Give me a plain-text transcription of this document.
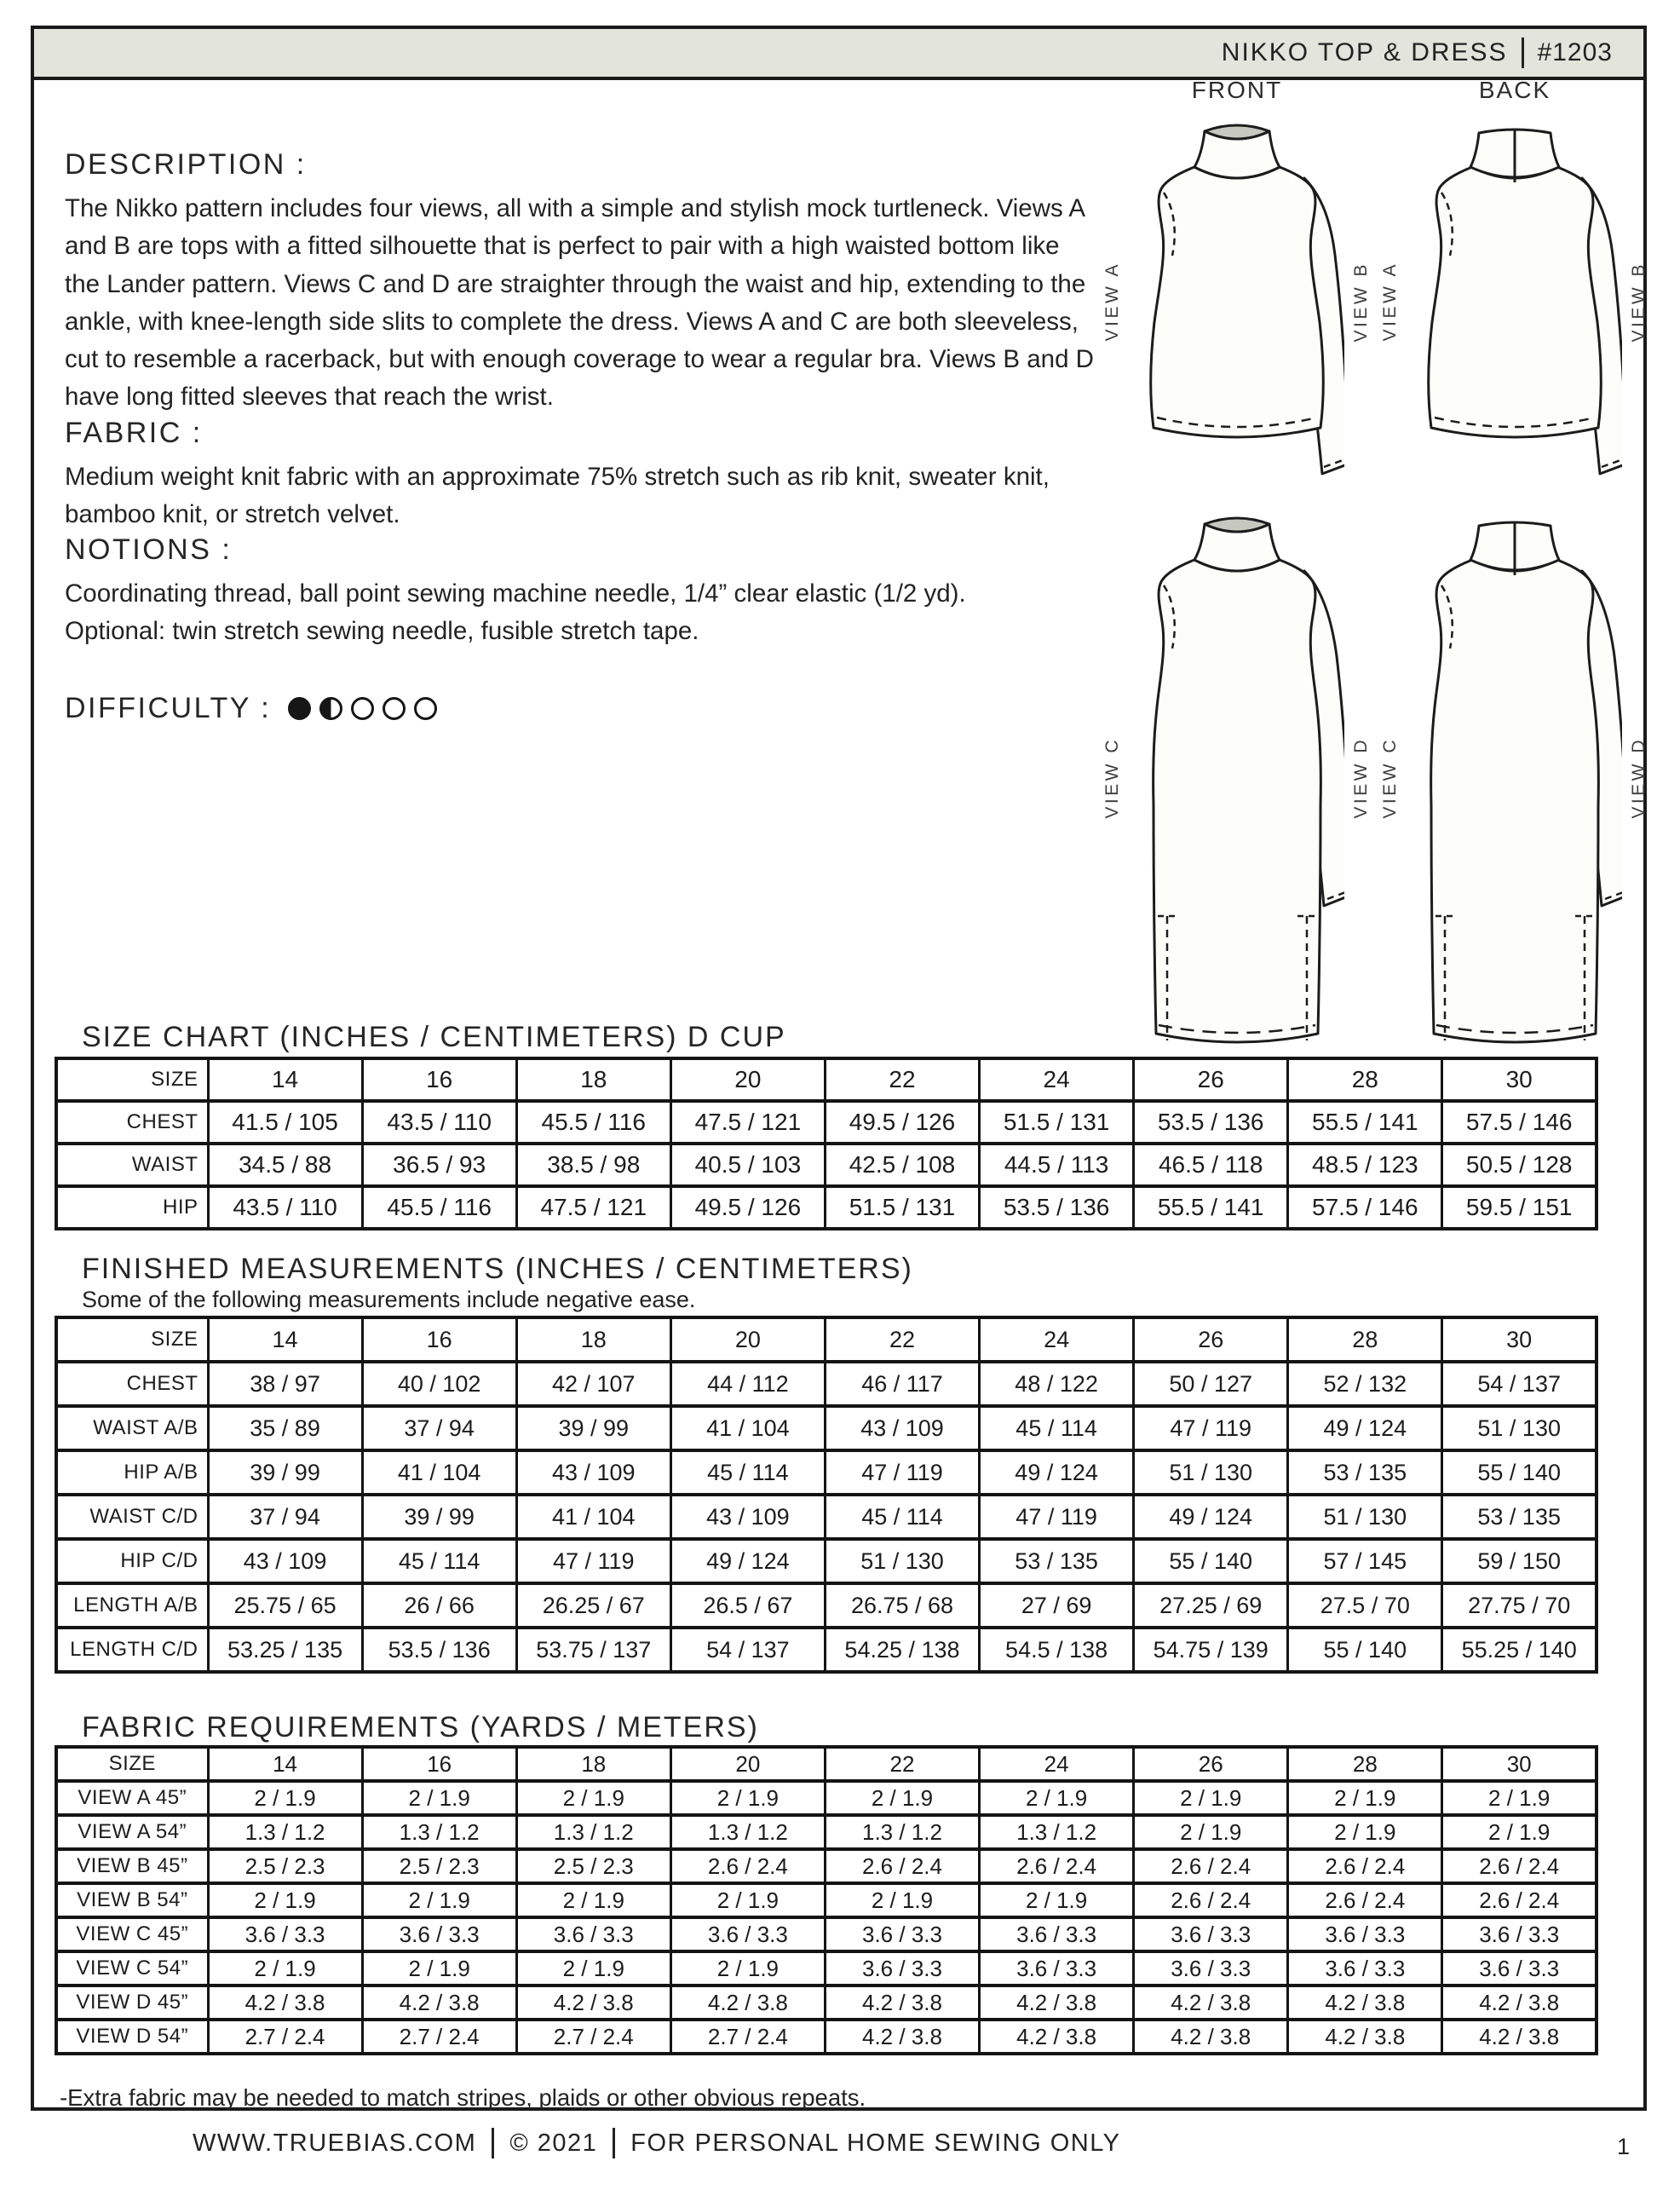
NIKKO TOP & DRESS #1203
DESCRIPTION :

The Nikko pattern includes four views, all with a simple and stylish mock turtleneck. Views A and B are tops with a fitted silhouette that is perfect to pair with a high waisted bottom like the Lander pattern. Views C and D are straighter through the waist and hip, extending to the ankle, with knee-length side slits to complete the dress. Views A and C are both sleeveless, cut to resemble a racerback, but with enough coverage to wear a regular bra. Views B and D have long fitted sleeves that reach the wrist.

FABRIC :

Medium weight knit fabric with an approximate 75% stretch such as rib knit, sweater knit, bamboo knit, or stretch velvet.

NOTIONS :

Coordinating thread, ball point sewing machine needle, 1/4” clear elastic (1/2 yd).

Optional: twin stretch sewing needle, fusible stretch tape.

DIFFICULTY :
FRONT	BACK
VIEW A	VIEW B VIEW A	VIEW B
VIEW C	VIEW D VIEW C	VIEW D
SIZE CHART (INCHES / CENTIMETERS) D CUP
SIZE	14	16	18	20	22	24	26	28	30
CHEST	41.5 / 105	43.5 / 110	45.5 / 116	47.5 / 121	49.5 / 126	51.5 / 131	53.5 / 136	55.5 / 141	57.5 / 146
WAIST	34.5 / 88	36.5 / 93	38.5 / 98	40.5 / 103	42.5 / 108	44.5 / 113	46.5 / 118	48.5 / 123	50.5 / 128
HIP	43.5 / 110	45.5 / 116	47.5 / 121	49.5 / 126	51.5 / 131	53.5 / 136	55.5 / 141	57.5 / 146	59.5 / 151
FINISHED MEASUREMENTS (INCHES / CENTIMETERS)
Some of the following measurements include negative ease.
SIZE	14	16	18	20	22	24	26	28	30
CHEST	38 / 97	40 / 102	42 / 107	44 / 112	46 / 117	48 / 122	50 / 127	52 / 132	54 / 137
WAIST A/B	35 / 89	37 / 94	39 / 99	41 / 104	43 / 109	45 / 114	47 / 119	49 / 124	51 / 130
HIP A/B	39 / 99	41 / 104	43 / 109	45 / 114	47 / 119	49 / 124	51 / 130	53 / 135	55 / 140
WAIST C/D	37 / 94	39 / 99	41 / 104	43 / 109	45 / 114	47 / 119	49 / 124	51 / 130	53 / 135
HIP C/D	43 / 109	45 / 114	47 / 119	49 / 124	51 / 130	53 / 135	55 / 140	57 / 145	59 / 150
LENGTH A/B	25.75 / 65	26 / 66	26.25 / 67	26.5 / 67	26.75 / 68	27 / 69	27.25 / 69	27.5 / 70	27.75 / 70
LENGTH C/D	53.25 / 135	53.5 / 136	53.75 / 137	54 / 137	54.25 / 138	54.5 / 138	54.75 / 139	55 / 140	55.25 / 140
FABRIC REQUIREMENTS (YARDS / METERS)
SIZE	14	16	18	20	22	24	26	28	30
VIEW A 45”	2 / 1.9	2 / 1.9	2 / 1.9	2 / 1.9	2 / 1.9	2 / 1.9	2 / 1.9	2 / 1.9	2 / 1.9
VIEW A 54”	1.3 / 1.2	1.3 / 1.2	1.3 / 1.2	1.3 / 1.2	1.3 / 1.2	1.3 / 1.2	2 / 1.9	2 / 1.9	2 / 1.9
VIEW B 45”	2.5 / 2.3	2.5 / 2.3	2.5 / 2.3	2.6 / 2.4	2.6 / 2.4	2.6 / 2.4	2.6 / 2.4	2.6 / 2.4	2.6 / 2.4
VIEW B 54”	2 / 1.9	2 / 1.9	2 / 1.9	2 / 1.9	2 / 1.9	2 / 1.9	2.6 / 2.4	2.6 / 2.4	2.6 / 2.4
VIEW C 45”	3.6 / 3.3	3.6 / 3.3	3.6 / 3.3	3.6 / 3.3	3.6 / 3.3	3.6 / 3.3	3.6 / 3.3	3.6 / 3.3	3.6 / 3.3
VIEW C 54”	2 / 1.9	2 / 1.9	2 / 1.9	2 / 1.9	3.6 / 3.3	3.6 / 3.3	3.6 / 3.3	3.6 / 3.3	3.6 / 3.3
VIEW D 45”	4.2 / 3.8	4.2 / 3.8	4.2 / 3.8	4.2 / 3.8	4.2 / 3.8	4.2 / 3.8	4.2 / 3.8	4.2 / 3.8	4.2 / 3.8
VIEW D 54”	2.7 / 2.4	2.7 / 2.4	2.7 / 2.4	2.7 / 2.4	4.2 / 3.8	4.2 / 3.8	4.2 / 3.8	4.2 / 3.8	4.2 / 3.8
-Extra fabric may be needed to match stripes, plaids or other obvious repeats.
WWW.TRUEBIAS.COM © 2021 FOR PERSONAL HOME SEWING ONLY	1
